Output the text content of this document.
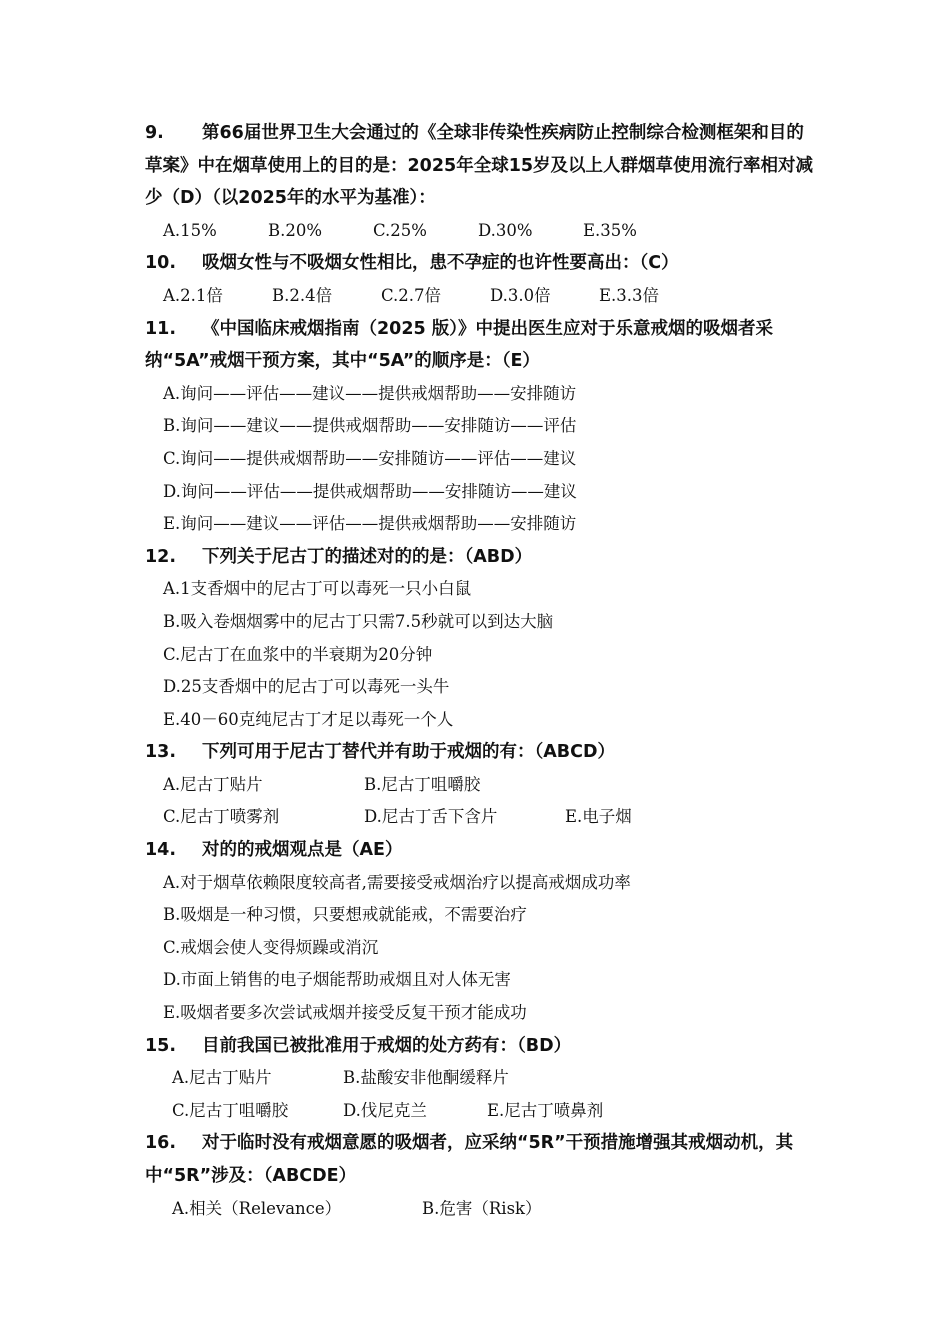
9. 第66届世界卫生大会通过的《全球非传染性疾病防止控制综合检测框架和目的草案》中在烟草使用上的目的是：2025年全球15岁及以上人群烟草使用流行率相对减少（D）（以2025年的水平为基准）：

A.15%	B.20%	C.25%	D.30%	E.35%

10. 吸烟女性与不吸烟女性相比，患不孕症的也许性要高出：（C）

A.2.1倍	B.2.4倍	C.2.7倍	D.3.0倍	E.3.3倍

11. 《中国临床戒烟指南（2025 版）》中提出医生应对于乐意戒烟的吸烟者采纳“5A”戒烟干预方案，其中“5A”的顺序是：（E）

A.询问——评估——建议——提供戒烟帮助——安排随访

B.询问——建议——提供戒烟帮助——安排随访——评估

C.询问——提供戒烟帮助——安排随访——评估——建议

D.询问——评估——提供戒烟帮助——安排随访——建议

E.询问——建议——评估——提供戒烟帮助——安排随访

12. 下列关于尼古丁的描述对的的是：（ABD）

A.1支香烟中的尼古丁可以毒死一只小白鼠

B.吸入卷烟烟雾中的尼古丁只需7.5秒就可以到达大脑

C.尼古丁在血浆中的半衰期为20分钟

D.25支香烟中的尼古丁可以毒死一头牛

E.40－60克纯尼古丁才足以毒死一个人

13. 下列可用于尼古丁替代并有助于戒烟的有：（ABCD）

A.尼古丁贴片	B.尼古丁咀嚼胶

C.尼古丁喷雾剂	D.尼古丁舌下含片	E.电子烟

14. 对的的戒烟观点是（AE）

A.对于烟草依赖限度较高者,需要接受戒烟治疗以提高戒烟成功率

B.吸烟是一种习惯，只要想戒就能戒，不需要治疗

C.戒烟会使人变得烦躁或消沉

D.市面上销售的电子烟能帮助戒烟且对人体无害

E.吸烟者要多次尝试戒烟并接受反复干预才能成功

15. 目前我国已被批准用于戒烟的处方药有：（BD）

A.尼古丁贴片	B.盐酸安非他酮缓释片

C.尼古丁咀嚼胶	D.伐尼克兰	E.尼古丁喷鼻剂

16. 对于临时没有戒烟意愿的吸烟者，应采纳“5R”干预措施增强其戒烟动机，其中“5R”涉及：（ABCDE）

A.相关（Relevance）	B.危害（Risk）
